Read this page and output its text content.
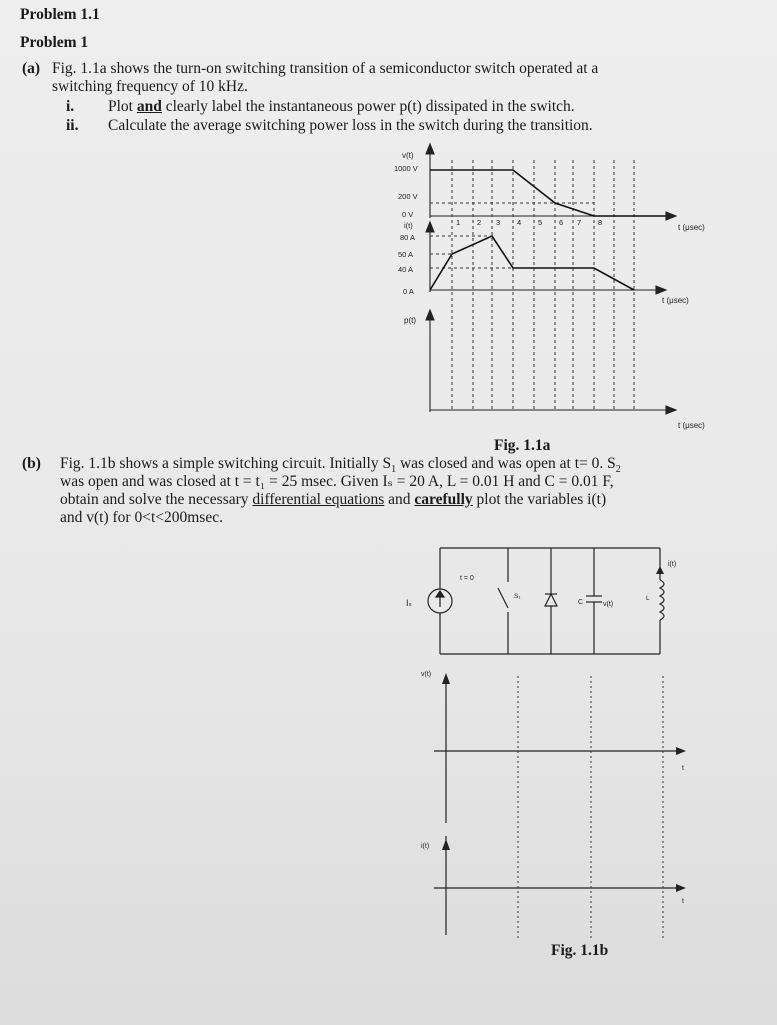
Problem 1.1
Problem 1
(a) Fig. 1.1a shows the turn-on switching transition of a semiconductor switch operated at a
switching frequency of 10 kHz.
i. Plot and clearly label the instantaneous power p(t) dissipated in the switch.
ii. Calculate the average switching power loss in the switch during the transition.
v(t)
1000 V
200 V
0 V
i(t)
80 A
50 A
40 A
0 A
p(t)
1 2 3 4 5 6 7 8
t (μsec)
t (μsec)
t (μsec)
Fig. 1.1a
(b) Fig. 1.1b shows a simple switching circuit. Initially $S_1$ was closed and was open at t= 0. $S_2$
was open and was closed at t = t₁ = 25 msec. Given Iₛ = 20 A, L = 0.01 H and C = 0.01 F,
obtain and solve the necessary differential equations and carefully plot the variables i(t)
and v(t) for 0<t<200msec.
Iₛ
t = 0
S₁
C	v(t)
L
i(t)
v(t)
i(t)
t
t
Fig. 1.1b
